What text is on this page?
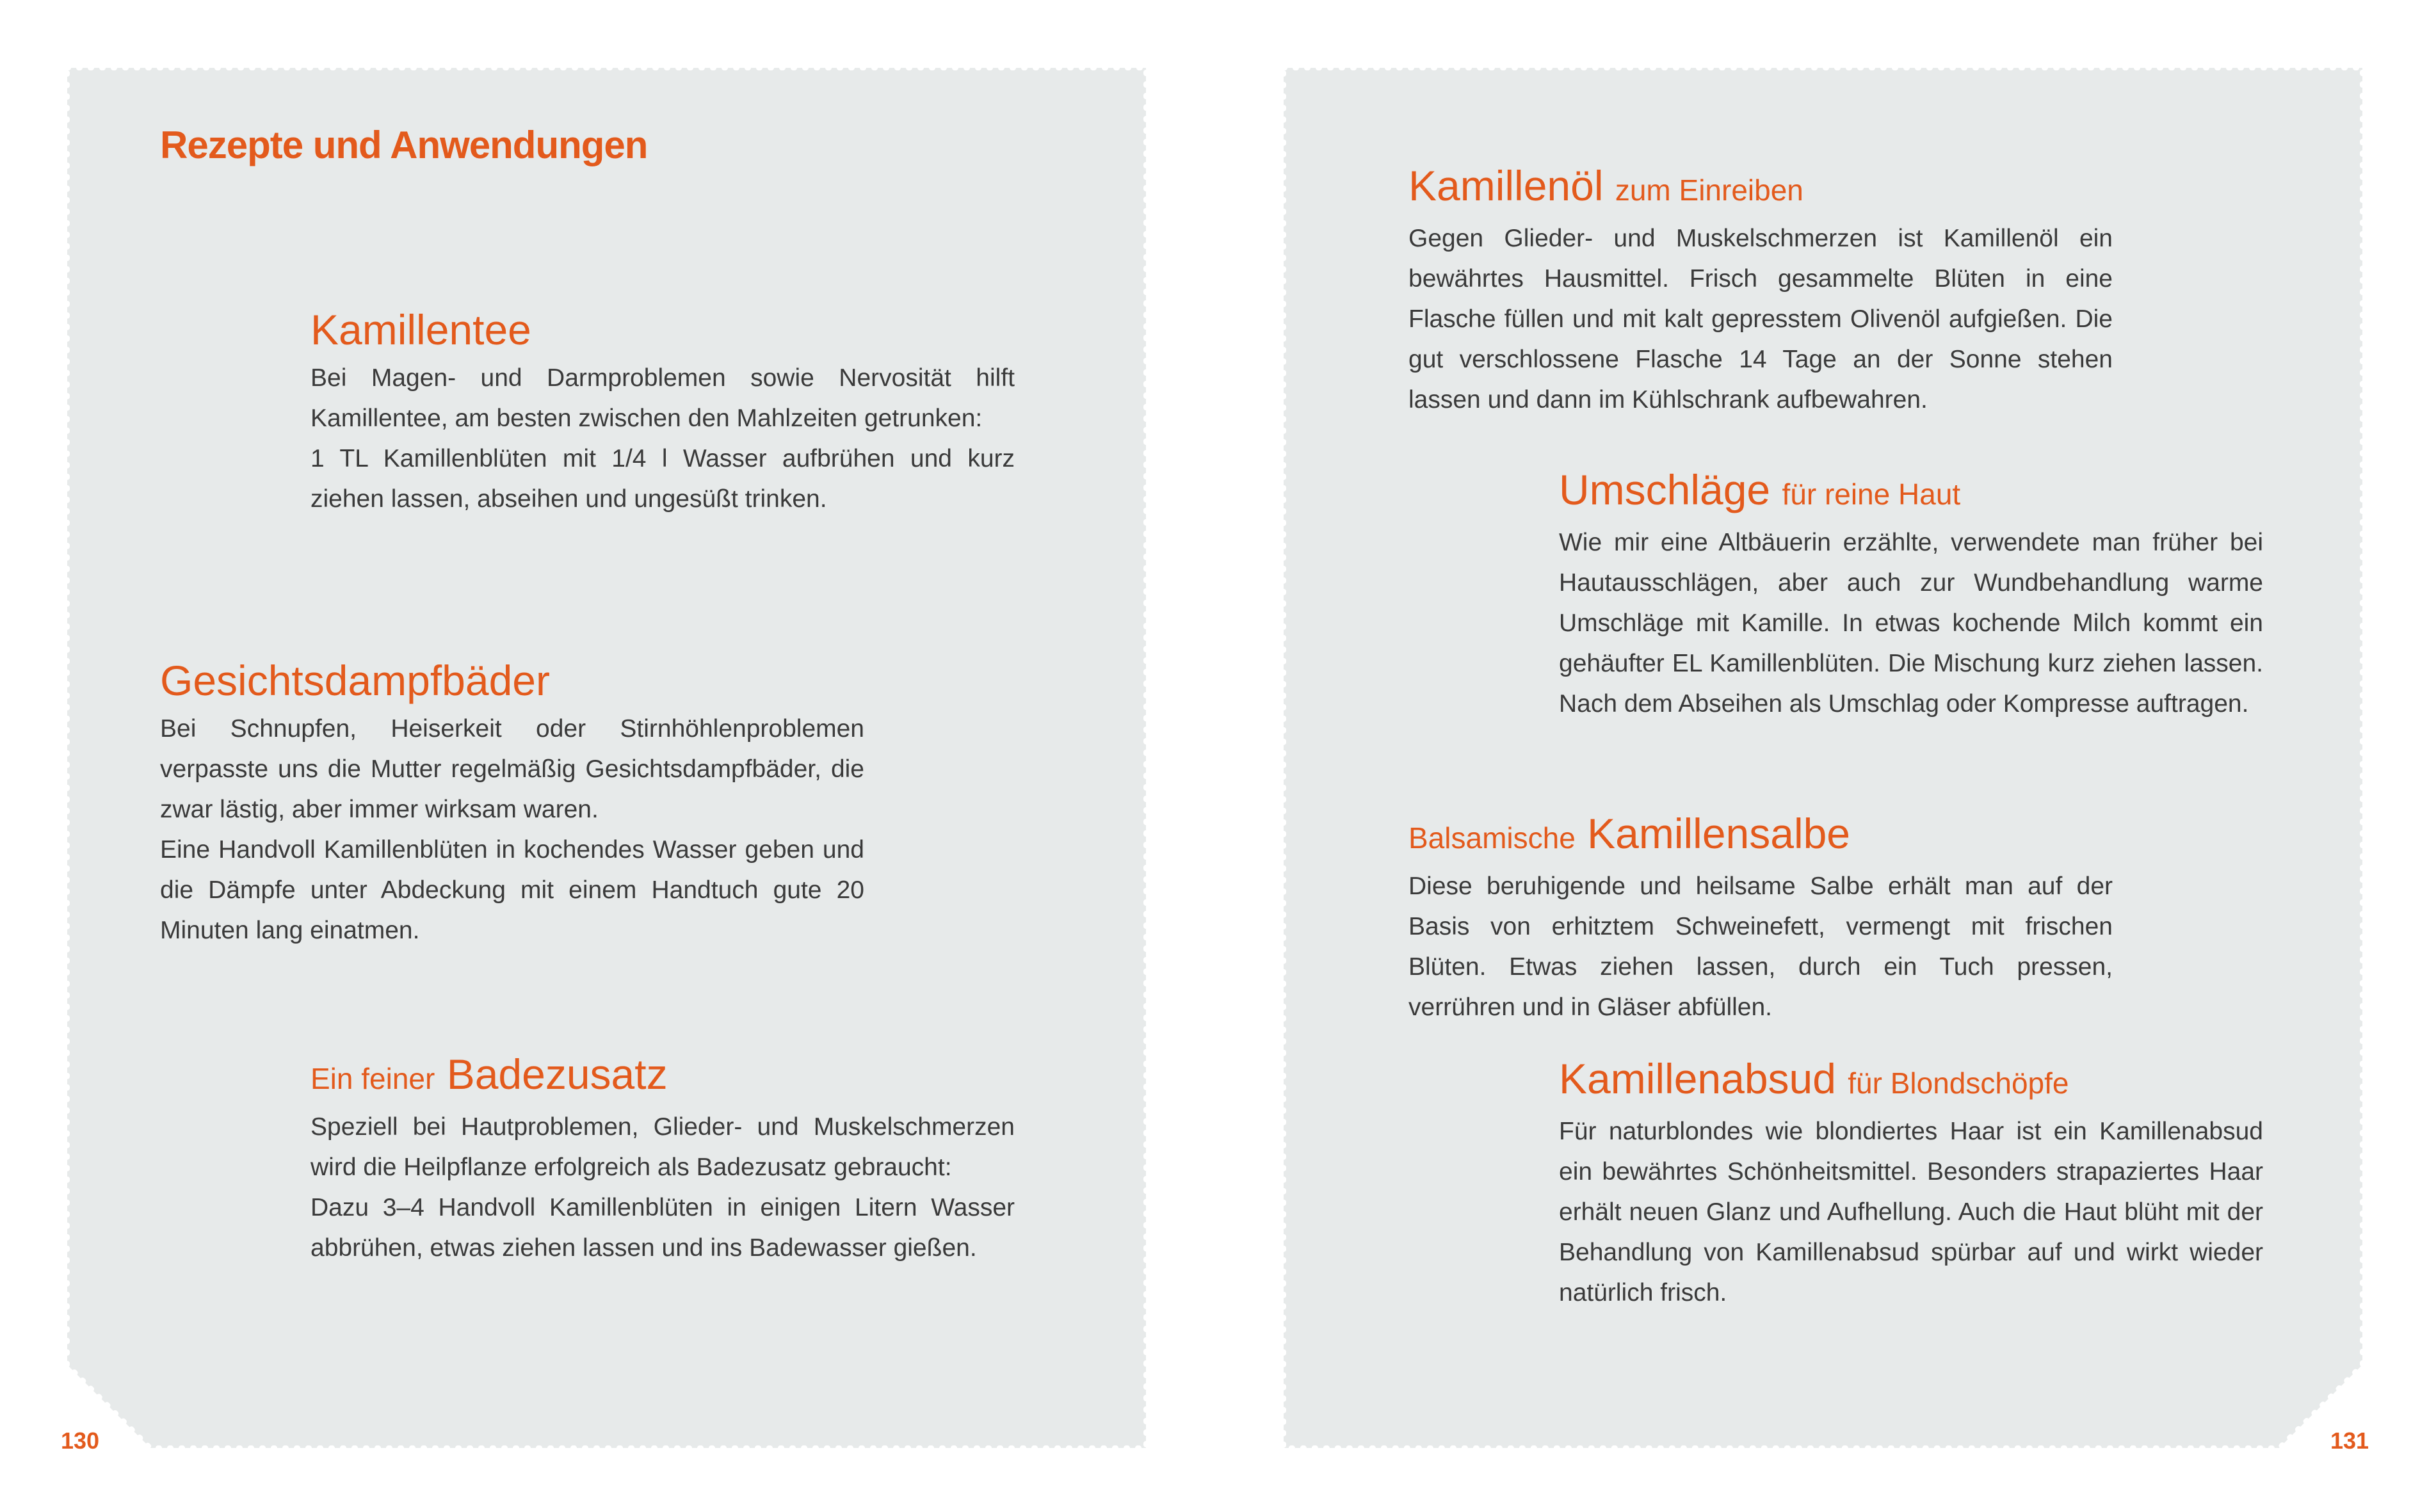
Rezepte und Anwendungen
Kamillentee

Bei Magen- und Darmproblemen sowie Nervosität hilft Kamillentee, am besten zwischen den Mahlzeiten getrunken:

1 TL Kamillenblüten mit 1/4 l Wasser aufbrühen und kurz ziehen lassen, abseihen und ungesüßt trinken.

Gesichtsdampfbäder

Bei Schnupfen, Heiserkeit oder Stirnhöhlenproblemen verpasste uns die Mutter regelmäßig Gesichtsdampfbäder, die zwar lästig, aber immer wirksam waren.

Eine Handvoll Kamillenblüten in kochendes Wasser geben und die Dämpfe unter Abdeckung mit einem Handtuch gute 20 Minuten lang einatmen.

Ein feiner Badezusatz

Speziell bei Hautproblemen, Glieder- und Muskelschmerzen wird die Heilpflanze erfolgreich als Badezusatz gebraucht:

Dazu 3–4 Handvoll Kamillenblüten in einigen Litern Wasser abbrühen, etwas ziehen lassen und ins Badewasser gießen.

130
Kamillenöl zum Einreiben

Gegen Glieder- und Muskelschmerzen ist Kamillenöl ein bewährtes Hausmittel. Frisch gesammelte Blüten in eine Flasche füllen und mit kalt gepresstem Olivenöl aufgießen. Die gut verschlossene Flasche 14 Tage an der Sonne stehen lassen und dann im Kühlschrank aufbewahren.

Umschläge für reine Haut

Wie mir eine Altbäuerin erzählte, verwendete man früher bei Hautausschlägen, aber auch zur Wundbehandlung warme Umschläge mit Kamille. In etwas kochende Milch kommt ein gehäufter EL Kamillenblüten. Die Mischung kurz ziehen lassen. Nach dem Abseihen als Umschlag oder Kompresse auftragen.

Balsamische Kamillensalbe

Diese beruhigende und heilsame Salbe erhält man auf der Basis von erhitztem Schweinefett, vermengt mit frischen Blüten. Etwas ziehen lassen, durch ein Tuch pressen, verrühren und in Gläser abfüllen.

Kamillenabsud für Blondschöpfe

Für naturblondes wie blondiertes Haar ist ein Kamillenabsud ein bewährtes Schönheitsmittel. Besonders strapaziertes Haar erhält neuen Glanz und Aufhellung. Auch die Haut blüht mit der Behandlung von Kamillenabsud spürbar auf und wirkt wieder natürlich frisch.

131
